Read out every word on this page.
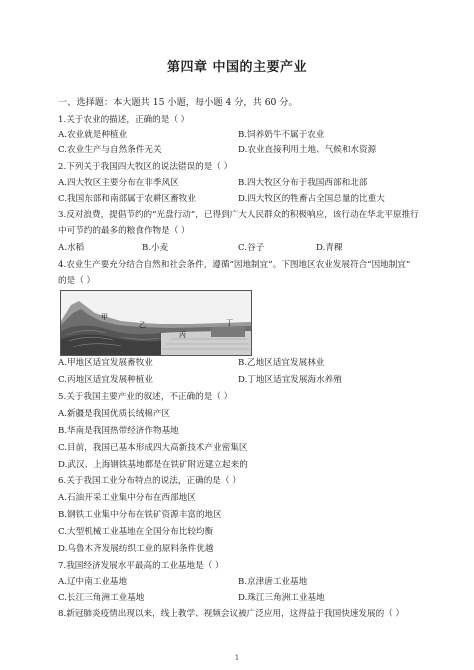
第四章 中国的主要产业
一、选择题：本大题共 15 小题，每小题 4 分，共 60 分。
1.关于农业的描述，正确的是（ ）
A.农业就是种植业	B.饲养奶牛不属于农业
C.农业生产与自然条件无关	D.农业直接利用土地、气候和水资源
2.下列关于我国四大牧区的说法错误的是（ ）
A.四大牧区主要分布在非季风区	B.四大牧区分布于我国西部和北部
C.我国东部和南部属于农耕区畜牧业	D.四大牧区的牲畜占全国总量的比重大
3.反对浪费，提倡节约的“光盘行动”，已得到广大人民群众的积极响应，该行动在华北平原推行
中可节约的最多的粮食作物是（ ）
A.水稻	B.小麦	C.谷子	D.青稞
4.农业生产要充分结合自然和社会条件，遵循“因地制宜”。下图地区农业发展符合“因地制宜”
的是（ ）
甲
乙
丙
丁
A.甲地区适宜发展畜牧业	B.乙地区适宜发展林业
C.丙地区适宜发展种植业	D.丁地区适宜发展海水养殖
5.关于我国主要产业的叙述，不正确的是（ ）
A.新疆是我国优质长绒棉产区
B.华南是我国热带经济作物基地
C.目前，我国已基本形成四大高新技术产业密集区
D.武汉、上海钢铁基地都是在铁矿附近建立起来的
6.关于我国工业分布特点的说法，正确的是（ ）
A.石油开采工业集中分布在西部地区
B.钢铁工业集中分布在铁矿资源丰富的地区
C.大型机械工业基地在全国分布比较均衡
D.乌鲁木齐发展纺织工业的原料条件优越
7.我国经济发展水平最高的工业基地是（ ）
A.辽中南工业基地	B.京津唐工业基地
C.长江三角洲工业基地	D.珠江三角洲工业基地
8.新冠肺炎疫情出现以来，线上教学、视频会议被广泛应用，这得益于我国快速发展的（ ）
1
